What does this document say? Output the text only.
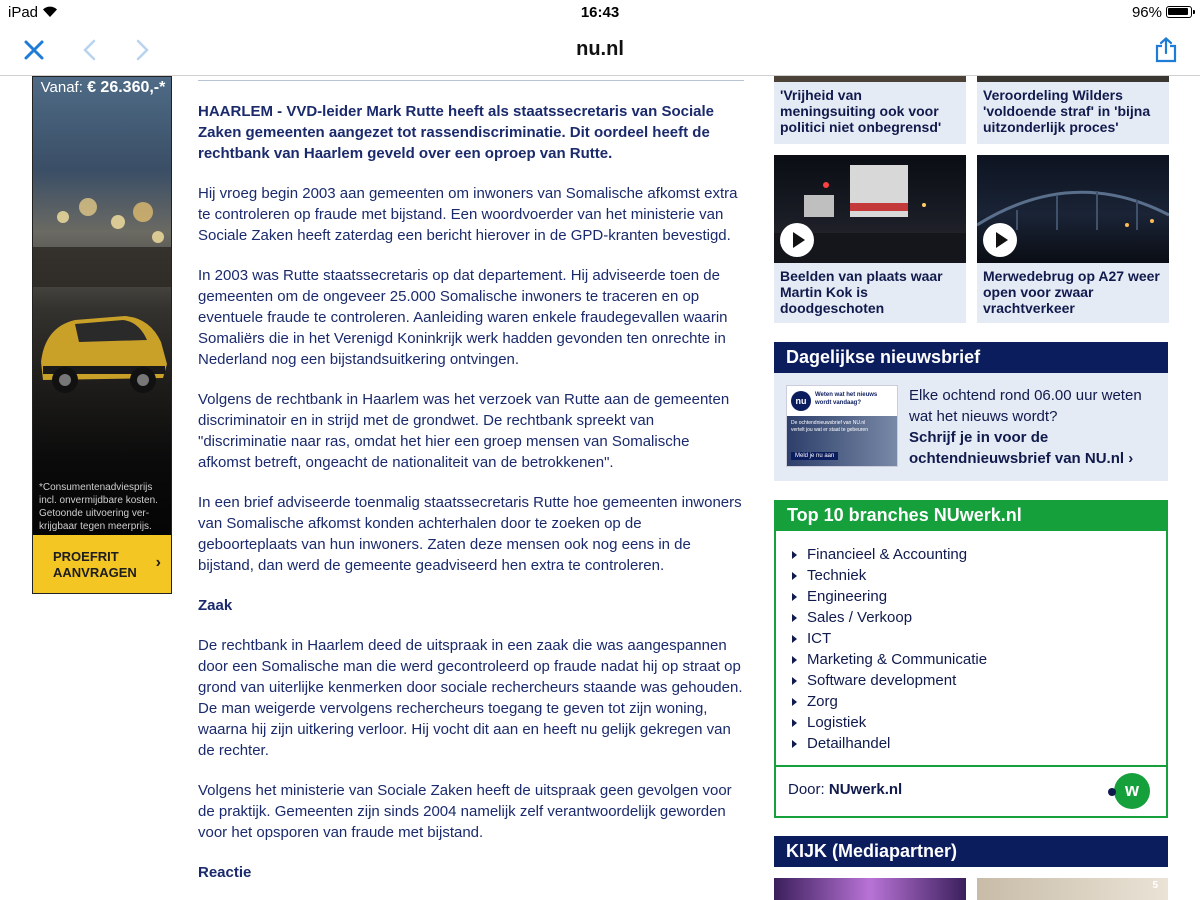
iPad	16:43	96%
nu.nl
Vanaf: € 26.360,-*
*Consumentenadviesprijs incl. onvermijdbare kosten. Getoonde uitvoering ver-krijgbaar tegen meerprijs.
PROEFRIT
AANVRAGEN
›

HAARLEM - VVD-leider Mark Rutte heeft als staatssecretaris van Sociale Zaken gemeenten aangezet tot rassendiscriminatie. Dit oordeel heeft de rechtbank van Haarlem geveld over een oproep van Rutte.

Hij vroeg begin 2003 aan gemeenten om inwoners van Somalische afkomst extra te controleren op fraude met bijstand. Een woordvoerder van het ministerie van Sociale Zaken heeft zaterdag een bericht hierover in de GPD-kranten bevestigd.

In 2003 was Rutte staatssecretaris op dat departement. Hij adviseerde toen de gemeenten om de ongeveer 25.000 Somalische inwoners te traceren en op eventuele fraude te controleren. Aanleiding waren enkele fraudegevallen waarin Somaliërs die in het Verenigd Koninkrijk werk hadden gevonden ten onrechte in Nederland nog een bijstandsuitkering ontvingen.

Volgens de rechtbank in Haarlem was het verzoek van Rutte aan de gemeenten discriminatoir en in strijd met de grondwet. De rechtbank spreekt van "discriminatie naar ras, omdat het hier een groep mensen van Somalische afkomst betreft, ongeacht de nationaliteit van de betrokkenen".

In een brief adviseerde toenmalig staatssecretaris Rutte hoe gemeenten inwoners van Somalische afkomst konden achterhalen door te zoeken op de geboorteplaats van hun inwoners. Zaten deze mensen ook nog eens in de bijstand, dan werd de gemeente geadviseerd hen extra te controleren.

Zaak

De rechtbank in Haarlem deed de uitspraak in een zaak die was aangespannen door een Somalische man die werd gecontroleerd op fraude nadat hij op straat op grond van uiterlijke kenmerken door sociale rechercheurs staande was gehouden. De man weigerde vervolgens rechercheurs toegang te geven tot zijn woning, waarna hij zijn uitkering verloor. Hij vocht dit aan en heeft nu gelijk gekregen van de rechter.

Volgens het ministerie van Sociale Zaken heeft de uitspraak geen gevolgen voor de praktijk. Gemeenten zijn sinds 2004 namelijk zelf verantwoordelijk geworden voor het opsporen van fraude met bijstand.

Reactie
'Vrijheid van meningsuiting ook voor politici niet onbegrensd'
Veroordeling Wilders 'voldoende straf' in 'bijna uitzonderlijk proces'
Beelden van plaats waar Martin Kok is doodgeschoten
Merwedebrug op A27 weer open voor zwaar vrachtverkeer
Dagelijkse nieuwsbrief
nu
Weten wat het nieuws wordt vandaag?
De ochtendnieuwsbrief van NU.nl vertelt jou wat er staat te gebeuren
Meld je nu aan
Elke ochtend rond 06.00 uur weten wat het nieuws wordt?
Schrijf je in voor de ochtendnieuwsbrief van NU.nl ›
Top 10 branches NUwerk.nl
Financieel & Accounting
Techniek
Engineering
Sales / Verkoop
ICT
Marketing & Communicatie
Software development
Zorg
Logistiek
Detailhandel
Door: NUwerk.nl	w
KIJK (Mediapartner)
5
